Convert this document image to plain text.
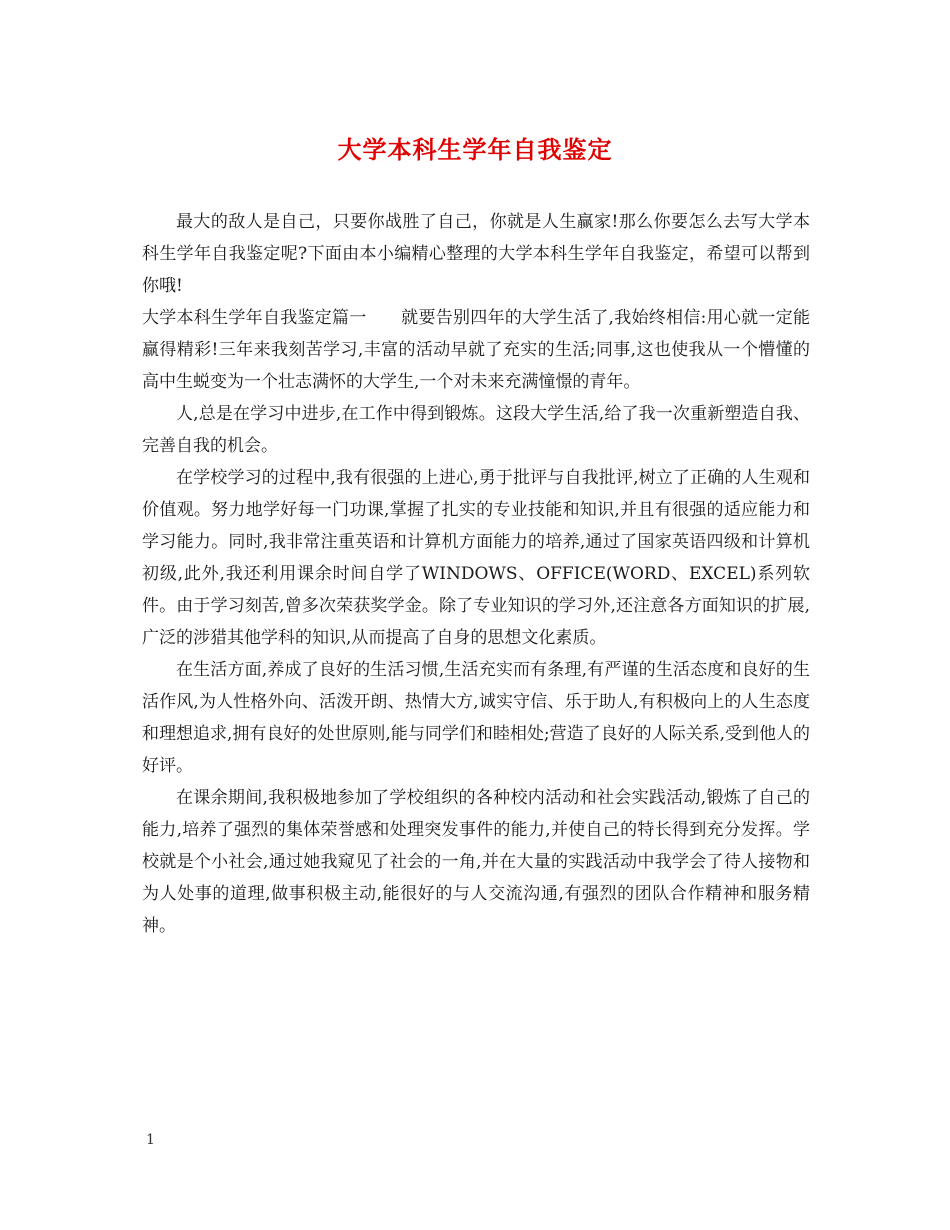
大学本科生学年自我鉴定

最大的敌人是自己，只要你战胜了自己，你就是人生赢家!那么你要怎么去写大学本科生学年自我鉴定呢?下面由本小编精心整理的大学本科生学年自我鉴定，希望可以帮到你哦!

大学本科生学年自我鉴定篇一　　就要告别四年的大学生活了,我始终相信:用心就一定能赢得精彩!三年来我刻苦学习,丰富的活动早就了充实的生活;同事,这也使我从一个懵懂的高中生蜕变为一个壮志满怀的大学生,一个对未来充满憧憬的青年。

人,总是在学习中进步,在工作中得到锻炼。这段大学生活,给了我一次重新塑造自我、完善自我的机会。

在学校学习的过程中,我有很强的上进心,勇于批评与自我批评,树立了正确的人生观和价值观。努力地学好每一门功课,掌握了扎实的专业技能和知识,并且有很强的适应能力和学习能力。同时,我非常注重英语和计算机方面能力的培养,通过了国家英语四级和计算机初级,此外,我还利用课余时间自学了WINDOWS、OFFICE(WORD、EXCEL)系列软件。由于学习刻苦,曾多次荣获奖学金。除了专业知识的学习外,还注意各方面知识的扩展,广泛的涉猎其他学科的知识,从而提高了自身的思想文化素质。

在生活方面,养成了良好的生活习惯,生活充实而有条理,有严谨的生活态度和良好的生活作风,为人性格外向、活泼开朗、热情大方,诚实守信、乐于助人,有积极向上的人生态度和理想追求,拥有良好的处世原则,能与同学们和睦相处;营造了良好的人际关系,受到他人的好评。

在课余期间,我积极地参加了学校组织的各种校内活动和社会实践活动,锻炼了自己的能力,培养了强烈的集体荣誉感和处理突发事件的能力,并使自己的特长得到充分发挥。学校就是个小社会,通过她我窥见了社会的一角,并在大量的实践活动中我学会了待人接物和为人处事的道理,做事积极主动,能很好的与人交流沟通,有强烈的团队合作精神和服务精神。

1
